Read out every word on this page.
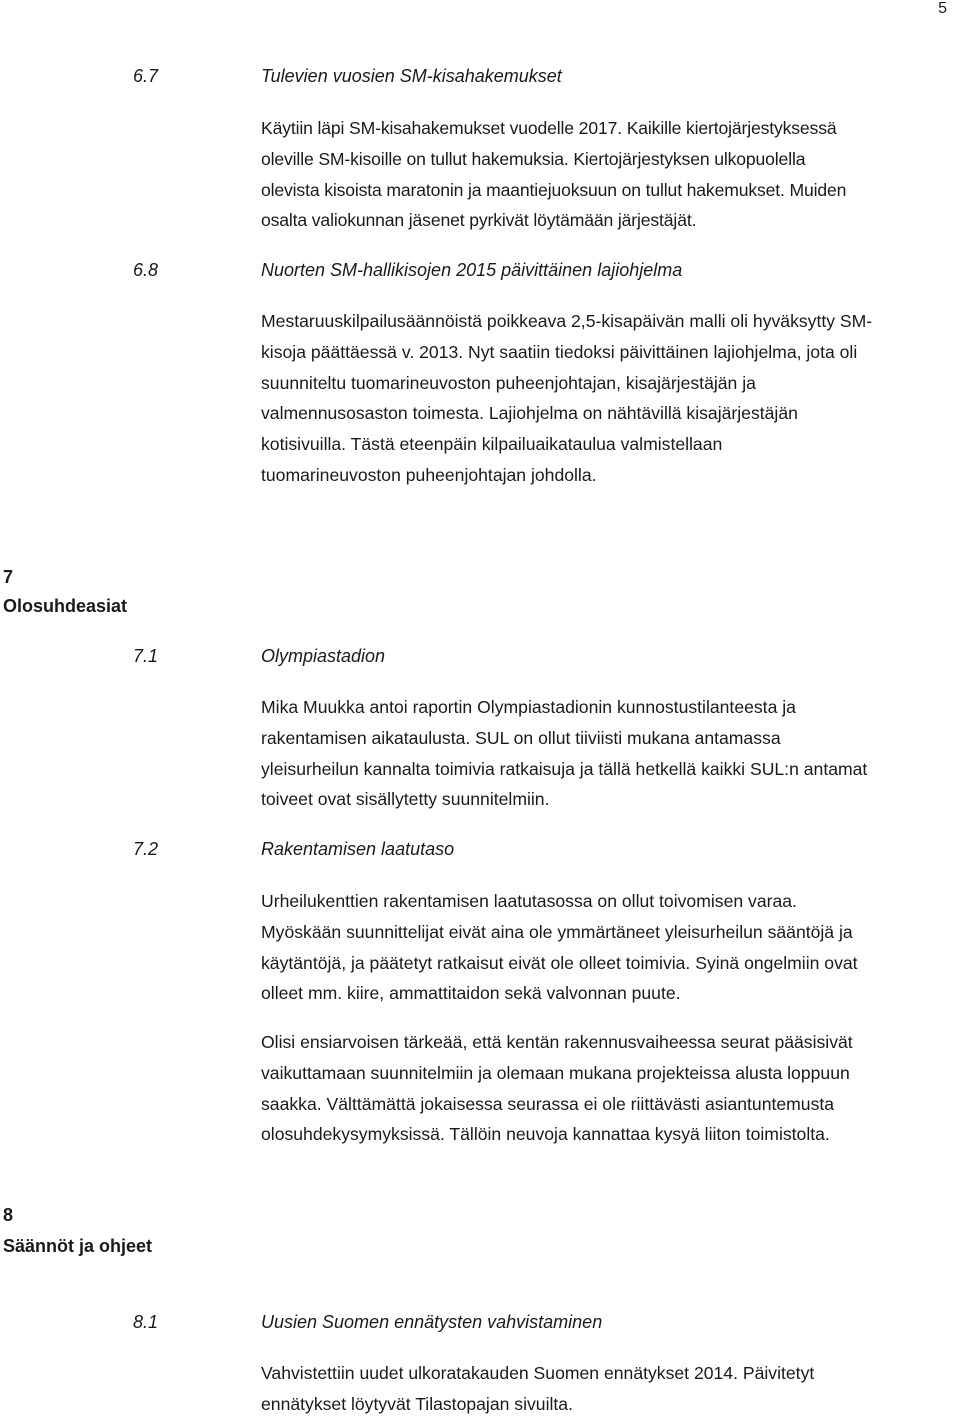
5
6.7	Tulevien vuosien SM-kisahakemukset
Käytiin läpi SM-kisahakemukset vuodelle 2017. Kaikille kiertojärjestyksessä
oleville SM-kisoille on tullut hakemuksia. Kiertojärjestyksen ulkopuolella
olevista kisoista maratonin ja maantiejuoksuun on tullut hakemukset. Muiden
osalta valiokunnan jäsenet pyrkivät löytämään järjestäjät.
6.8	Nuorten SM-hallikisojen 2015 päivittäinen lajiohjelma
Mestaruuskilpailusäännöistä poikkeava 2,5-kisapäivän malli oli hyväksytty SM-
kisoja päättäessä v. 2013. Nyt saatiin tiedoksi päivittäinen lajiohjelma, jota oli
suunniteltu tuomarineuvoston puheenjohtajan, kisajärjestäjän ja
valmennusosaston toimesta. Lajiohjelma on nähtävillä kisajärjestäjän
kotisivuilla. Tästä eteenpäin kilpailuaikataulua valmistellaan
tuomarineuvoston puheenjohtajan johdolla.
7
Olosuhdeasiat
7.1	Olympiastadion
Mika Muukka antoi raportin Olympiastadionin kunnostustilanteesta ja
rakentamisen aikataulusta. SUL on ollut tiiviisti mukana antamassa
yleisurheilun kannalta toimivia ratkaisuja ja tällä hetkellä kaikki SUL:n antamat
toiveet ovat sisällytetty suunnitelmiin.
7.2	Rakentamisen laatutaso
Urheilukenttien rakentamisen laatutasossa on ollut toivomisen varaa.
Myöskään suunnittelijat eivät aina ole ymmärtäneet yleisurheilun sääntöjä ja
käytäntöjä, ja päätetyt ratkaisut eivät ole olleet toimivia. Syinä ongelmiin ovat
olleet mm. kiire, ammattitaidon sekä valvonnan puute.
Olisi ensiarvoisen tärkeää, että kentän rakennusvaiheessa seurat pääsisivät
vaikuttamaan suunnitelmiin ja olemaan mukana projekteissa alusta loppuun
saakka. Välttämättä jokaisessa seurassa ei ole riittävästi asiantuntemusta
olosuhdekysymyksissä. Tällöin neuvoja kannattaa kysyä liiton toimistolta.
8
Säännöt ja ohjeet
8.1	Uusien Suomen ennätysten vahvistaminen
Vahvistettiin uudet ulkoratakauden Suomen ennätykset 2014. Päivitetyt
ennätykset löytyvät Tilastopajan sivuilta.
